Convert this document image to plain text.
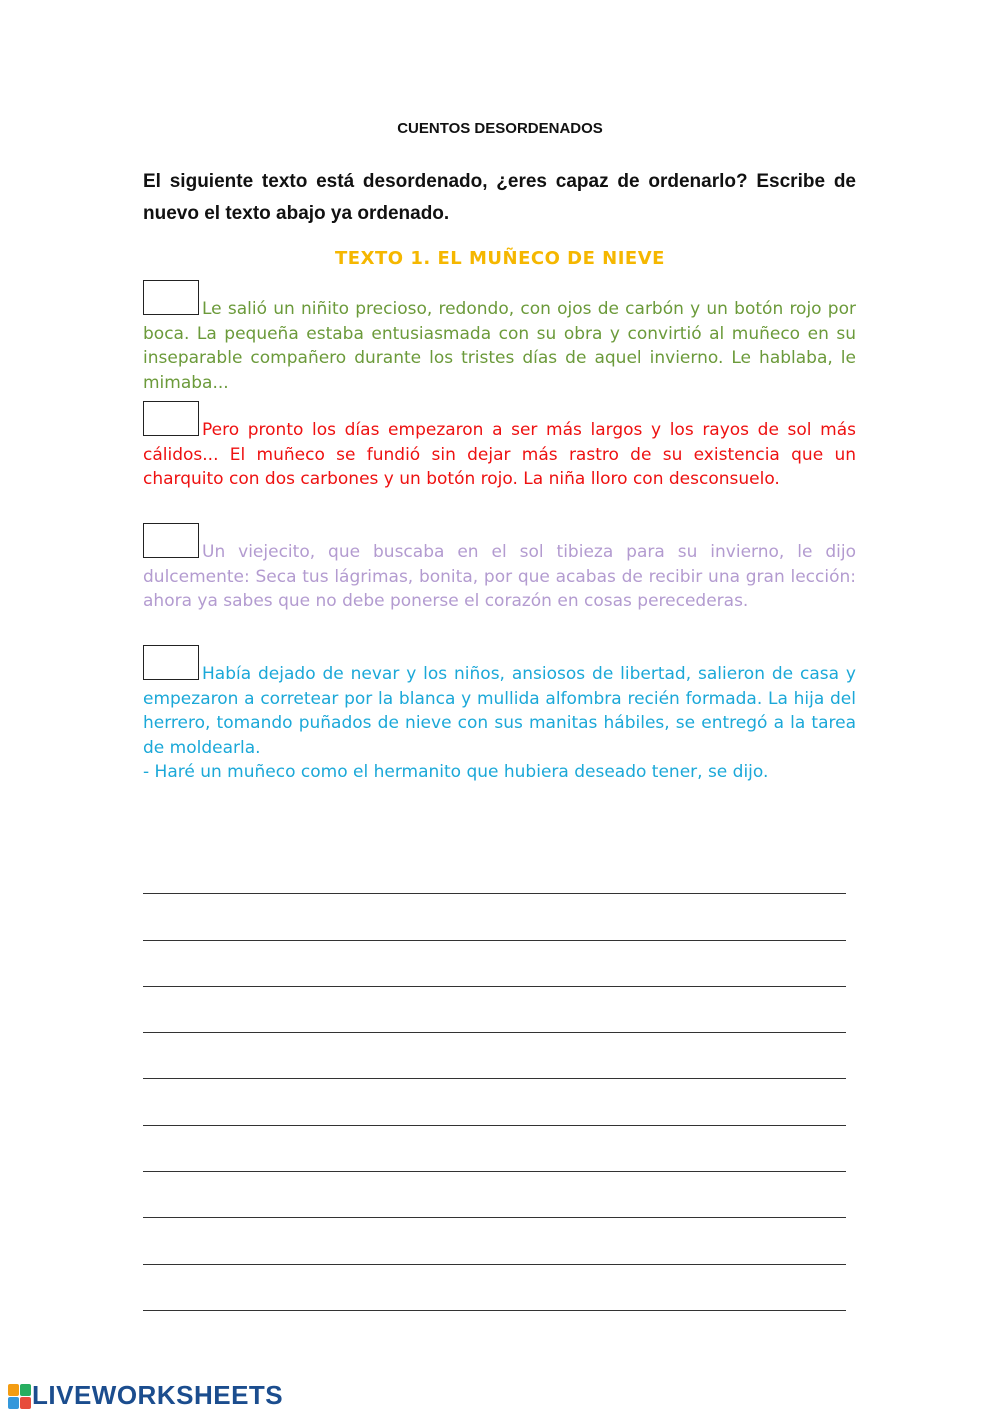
CUENTOS DESORDENADOS
El siguiente texto está desordenado, ¿eres capaz de ordenarlo? Escribe de nuevo el texto abajo ya ordenado.
TEXTO 1. EL MUÑECO DE NIEVE
Le salió un niñito precioso, redondo, con ojos de carbón y un botón rojo por boca. La pequeña estaba entusiasmada con su obra y convirtió al muñeco en su inseparable compañero durante los tristes días de aquel invierno. Le hablaba, le mimaba...
Pero pronto los días empezaron a ser más largos y los rayos de sol más cálidos... El muñeco se fundió sin dejar más rastro de su existencia que un charquito con dos carbones y un botón rojo. La niña lloro con desconsuelo.
Un viejecito, que buscaba en el sol tibieza para su invierno, le dijo dulcemente: Seca tus lágrimas, bonita, por que acabas de recibir una gran lección: ahora ya sabes que no debe ponerse el corazón en cosas perecederas.
Había dejado de nevar y los niños, ansiosos de libertad, salieron de casa y empezaron a corretear por la blanca y mullida alfombra recién formada. La hija del herrero, tomando puñados de nieve con sus manitas hábiles, se entregó a la tarea de moldearla.
- Haré un muñeco como el hermanito que hubiera deseado tener, se dijo.
LIVEWORKSHEETS
